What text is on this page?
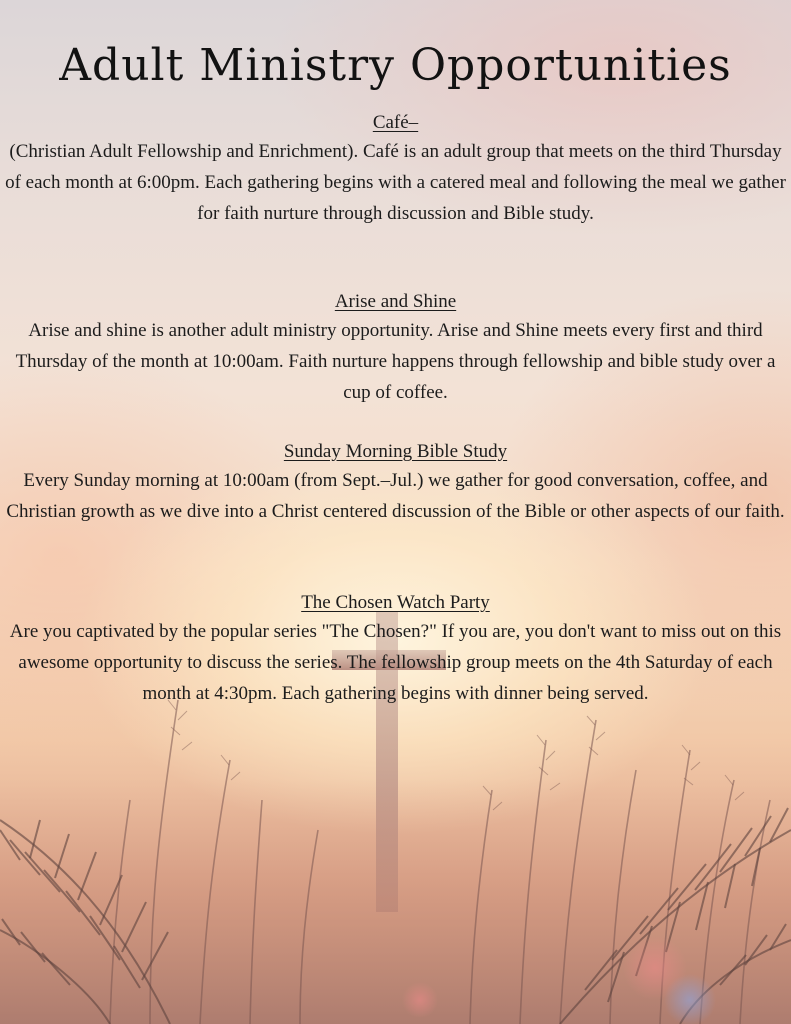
Adult Ministry Opportunities
Café–

(Christian Adult Fellowship and Enrichment). Café is an adult group that meets on the third Thursday of each month at 6:00pm. Each gathering begins with a catered meal and following the meal we gather for faith nurture through discussion and Bible study.

Arise and Shine

Arise and shine is another adult ministry opportunity. Arise and Shine meets every first and third Thursday of the month at 10:00am. Faith nurture happens through fellowship and bible study over a cup of coffee.

Sunday Morning Bible Study

Every Sunday morning at 10:00am (from Sept.–Jul.) we gather for good conversation, coffee, and Christian growth as we dive into a Christ centered discussion of the Bible or other aspects of our faith.

The Chosen Watch Party

Are you captivated by the popular series "The Chosen?" If you are, you don't want to miss out on this awesome opportunity to discuss the series. The fellowship group meets on the 4th Saturday of each month at 4:30pm. Each gathering begins with dinner being served.
